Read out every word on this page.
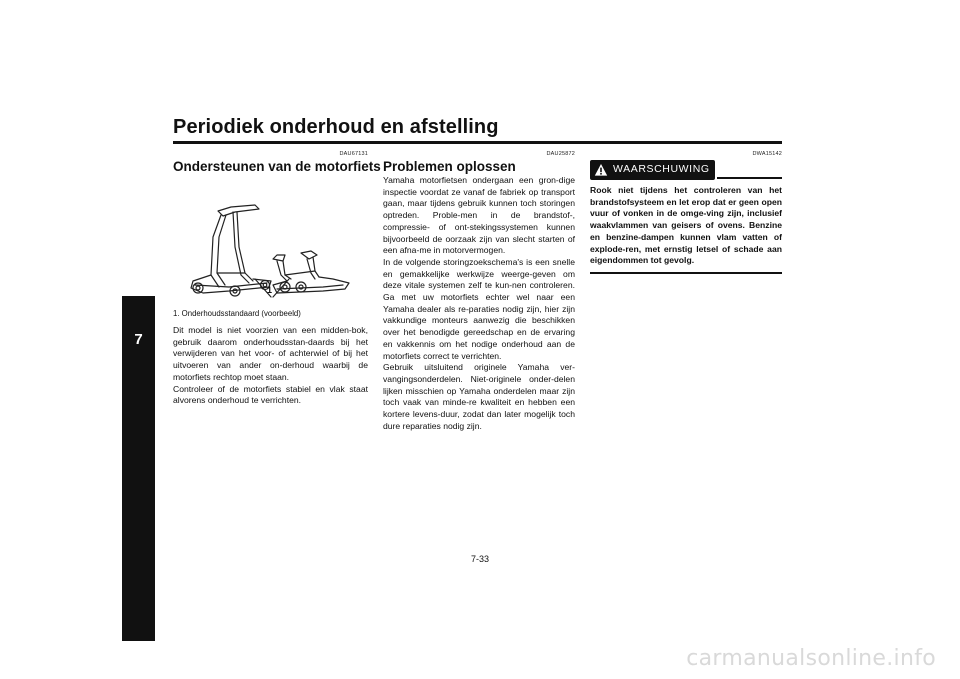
Periodiek onderhoud en afstelling
7
DAU67131
Ondersteunen van de motorfiets
1
1. Onderhoudsstandaard (voorbeeld)

Dit model is niet voorzien van een midden-bok, gebruik daarom onderhoudsstan-daards bij het verwijderen van het voor- of achterwiel of bij het uitvoeren van ander on-derhoud waarbij de motorfiets rechtop moet staan.

Controleer of de motorfiets stabiel en vlak staat alvorens onderhoud te verrichten.

DAU25872
Problemen oplossen

Yamaha motorfietsen ondergaan een gron-dige inspectie voordat ze vanaf de fabriek op transport gaan, maar tijdens gebruik kunnen toch storingen optreden. Proble-men in de brandstof-, compressie- of ont-stekingssystemen kunnen bijvoorbeeld de oorzaak zijn van slecht starten of een afna-me in motorvermogen.

In de volgende storingzoekschema's is een snelle en gemakkelijke werkwijze weerge-geven om deze vitale systemen zelf te kun-nen controleren. Ga met uw motorfiets echter wel naar een Yamaha dealer als re-paraties nodig zijn, hier zijn vakkundige monteurs aanwezig die beschikken over het benodigde gereedschap en de ervaring en vakkennis om het nodige onderhoud aan de motorfiets correct te verrichten.

Gebruik uitsluitend originele Yamaha ver-vangingsonderdelen. Niet-originele onder-delen lijken misschien op Yamaha onderdelen maar zijn toch vaak van minde-re kwaliteit en hebben een kortere levens-duur, zodat dan later mogelijk toch dure reparaties nodig zijn.

DWA15142
WAARSCHUWING

Rook niet tijdens het controleren van het brandstofsysteem en let erop dat er geen open vuur of vonken in de omge-ving zijn, inclusief waakvlammen van geisers of ovens. Benzine en benzine-dampen kunnen vlam vatten of explode-ren, met ernstig letsel of schade aan eigendommen tot gevolg.

7-33
carmanualsonline.info
